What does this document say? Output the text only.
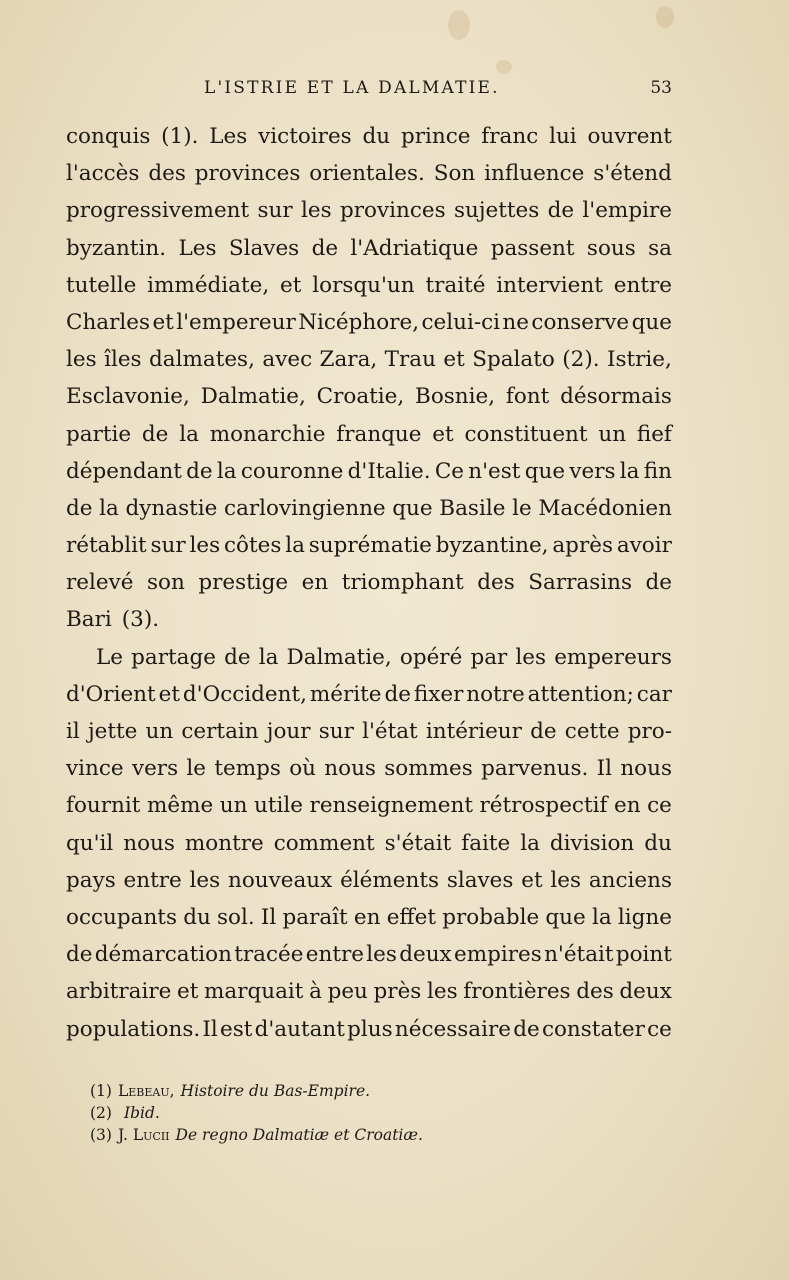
L'ISTRIE ET LA DALMATIE.	53
conquis (1). Les victoires du prince franc lui ouvrent
l'accès des provinces orientales. Son influence s'étend
progressivement sur les provinces sujettes de l'empire
byzantin. Les Slaves de l'Adriatique passent sous sa
tutelle immédiate, et lorsqu'un traité intervient entre
Charles et l'empereur Nicéphore, celui-ci ne conserve que
les îles dalmates, avec Zara, Trau et Spalato (2). Istrie,
Esclavonie, Dalmatie, Croatie, Bosnie, font désormais
partie de la monarchie franque et constituent un fief
dépendant de la couronne d'Italie. Ce n'est que vers la fin
de la dynastie carlovingienne que Basile le Macédonien
rétablit sur les côtes la suprématie byzantine, après avoir
relevé son prestige en triomphant des Sarrasins de
Bari (3).
Le partage de la Dalmatie, opéré par les empereurs
d'Orient et d'Occident, mérite de fixer notre attention; car
il jette un certain jour sur l'état intérieur de cette pro-
vince vers le temps où nous sommes parvenus. Il nous
fournit même un utile renseignement rétrospectif en ce
qu'il nous montre comment s'était faite la division du
pays entre les nouveaux éléments slaves et les anciens
occupants du sol. Il paraît en effet probable que la ligne
de démarcation tracée entre les deux empires n'était point
arbitraire et marquait à peu près les frontières des deux
populations. Il est d'autant plus nécessaire de constater ce
(1) Lebeau, Histoire du Bas-Empire.
(2) Ibid.
(3) J. Lucii De regno Dalmatiæ et Croatiæ.
